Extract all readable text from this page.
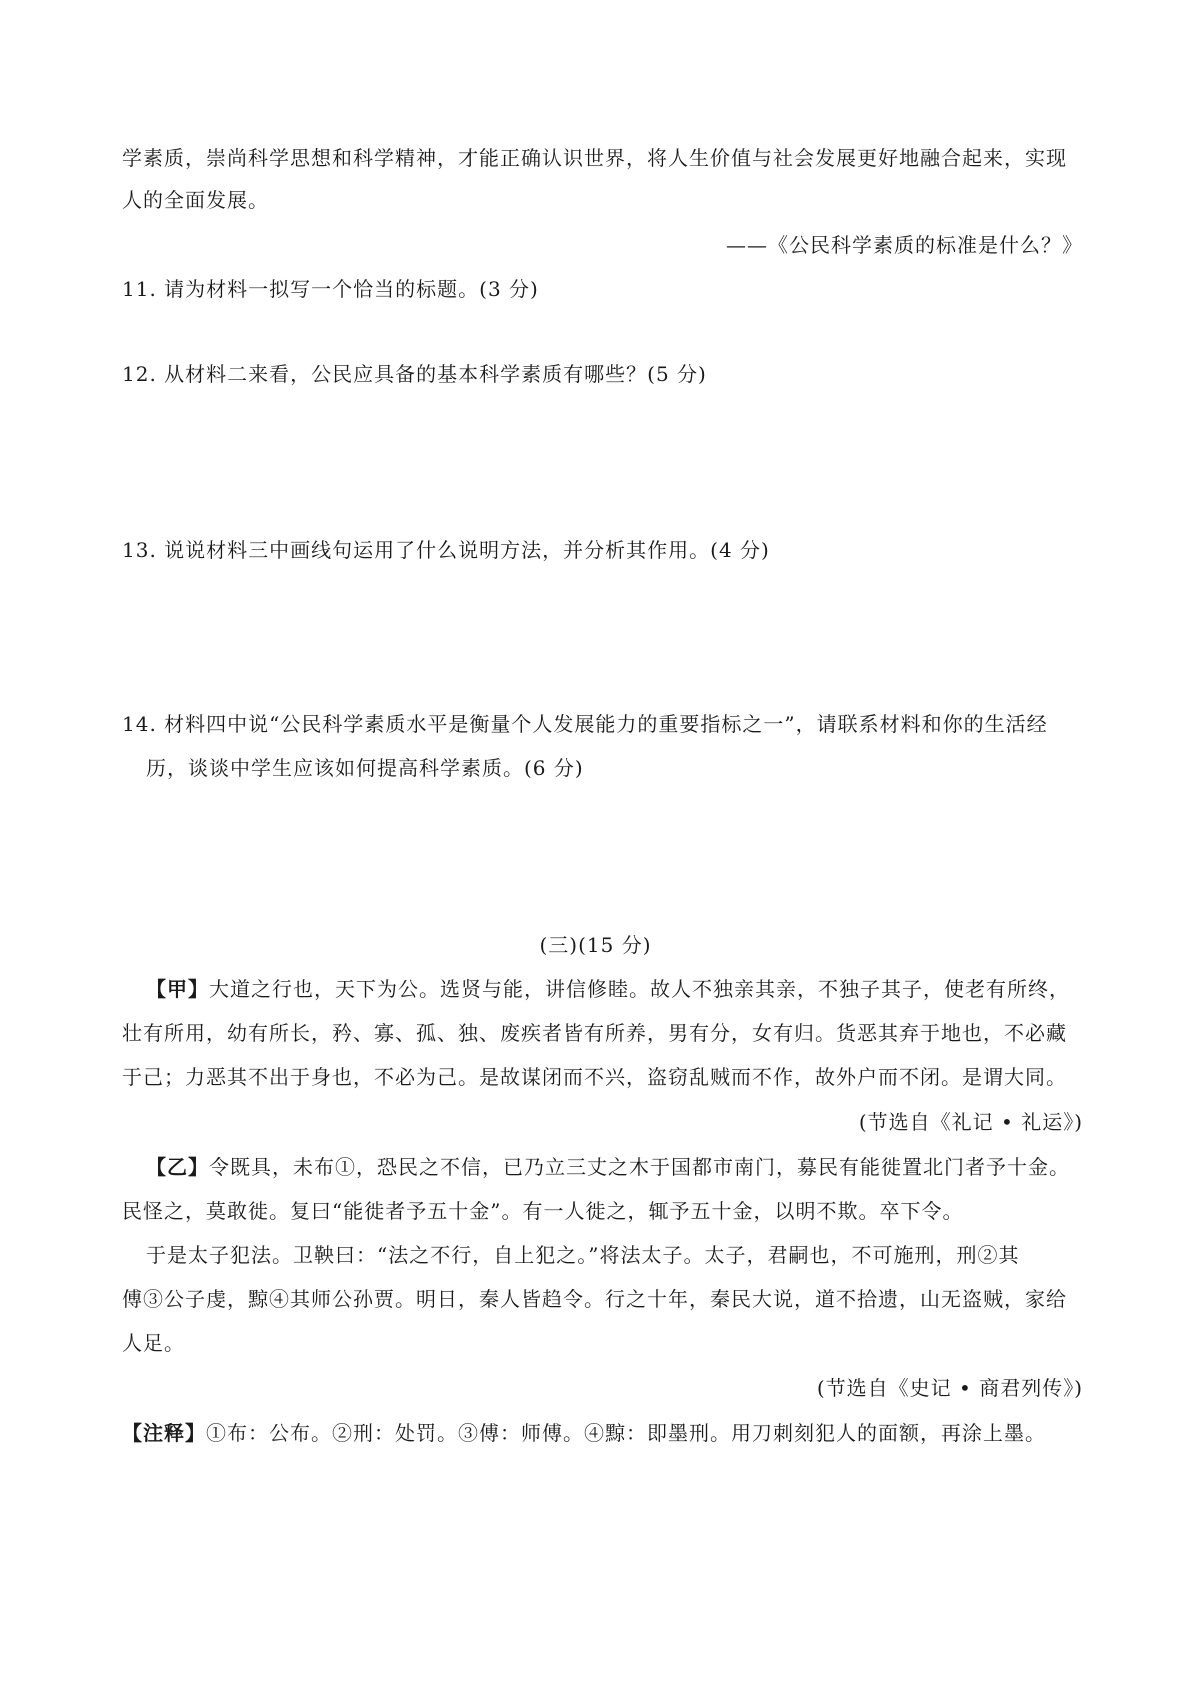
学素质，崇尚科学思想和科学精神，才能正确认识世界，将人生价值与社会发展更好地融合起来，实现
人的全面发展。
——《公民科学素质的标准是什么？》
11. 请为材料一拟写一个恰当的标题。(3 分)
12. 从材料二来看，公民应具备的基本科学素质有哪些？(5 分)
13. 说说材料三中画线句运用了什么说明方法，并分析其作用。(4 分)
14. 材料四中说“公民科学素质水平是衡量个人发展能力的重要指标之一”，请联系材料和你的生活经
历，谈谈中学生应该如何提高科学素质。(6 分)
(三)(15 分)
【甲】大道之行也，天下为公。选贤与能，讲信修睦。故人不独亲其亲，不独子其子，使老有所终，
壮有所用，幼有所长，矜、寡、孤、独、废疾者皆有所养，男有分，女有归。货恶其弃于地也，不必藏
于己；力恶其不出于身也，不必为己。是故谋闭而不兴，盗窃乱贼而不作，故外户而不闭。是谓大同。
(节选自《礼记 • 礼运》)
【乙】令既具，未布①，恐民之不信，已乃立三丈之木于国都市南门，募民有能徙置北门者予十金。
民怪之，莫敢徙。复曰“能徙者予五十金”。有一人徙之，辄予五十金，以明不欺。卒下令。
于是太子犯法。卫鞅曰：“法之不行，自上犯之。”将法太子。太子，君嗣也，不可施刑，刑②其
傅③公子虔，黥④其师公孙贾。明日，秦人皆趋令。行之十年，秦民大说，道不拾遗，山无盗贼，家给
人足。
(节选自《史记 • 商君列传》)
【注释】①布：公布。②刑：处罚。③傅：师傅。④黥：即墨刑。用刀刺刻犯人的面额，再涂上墨。
